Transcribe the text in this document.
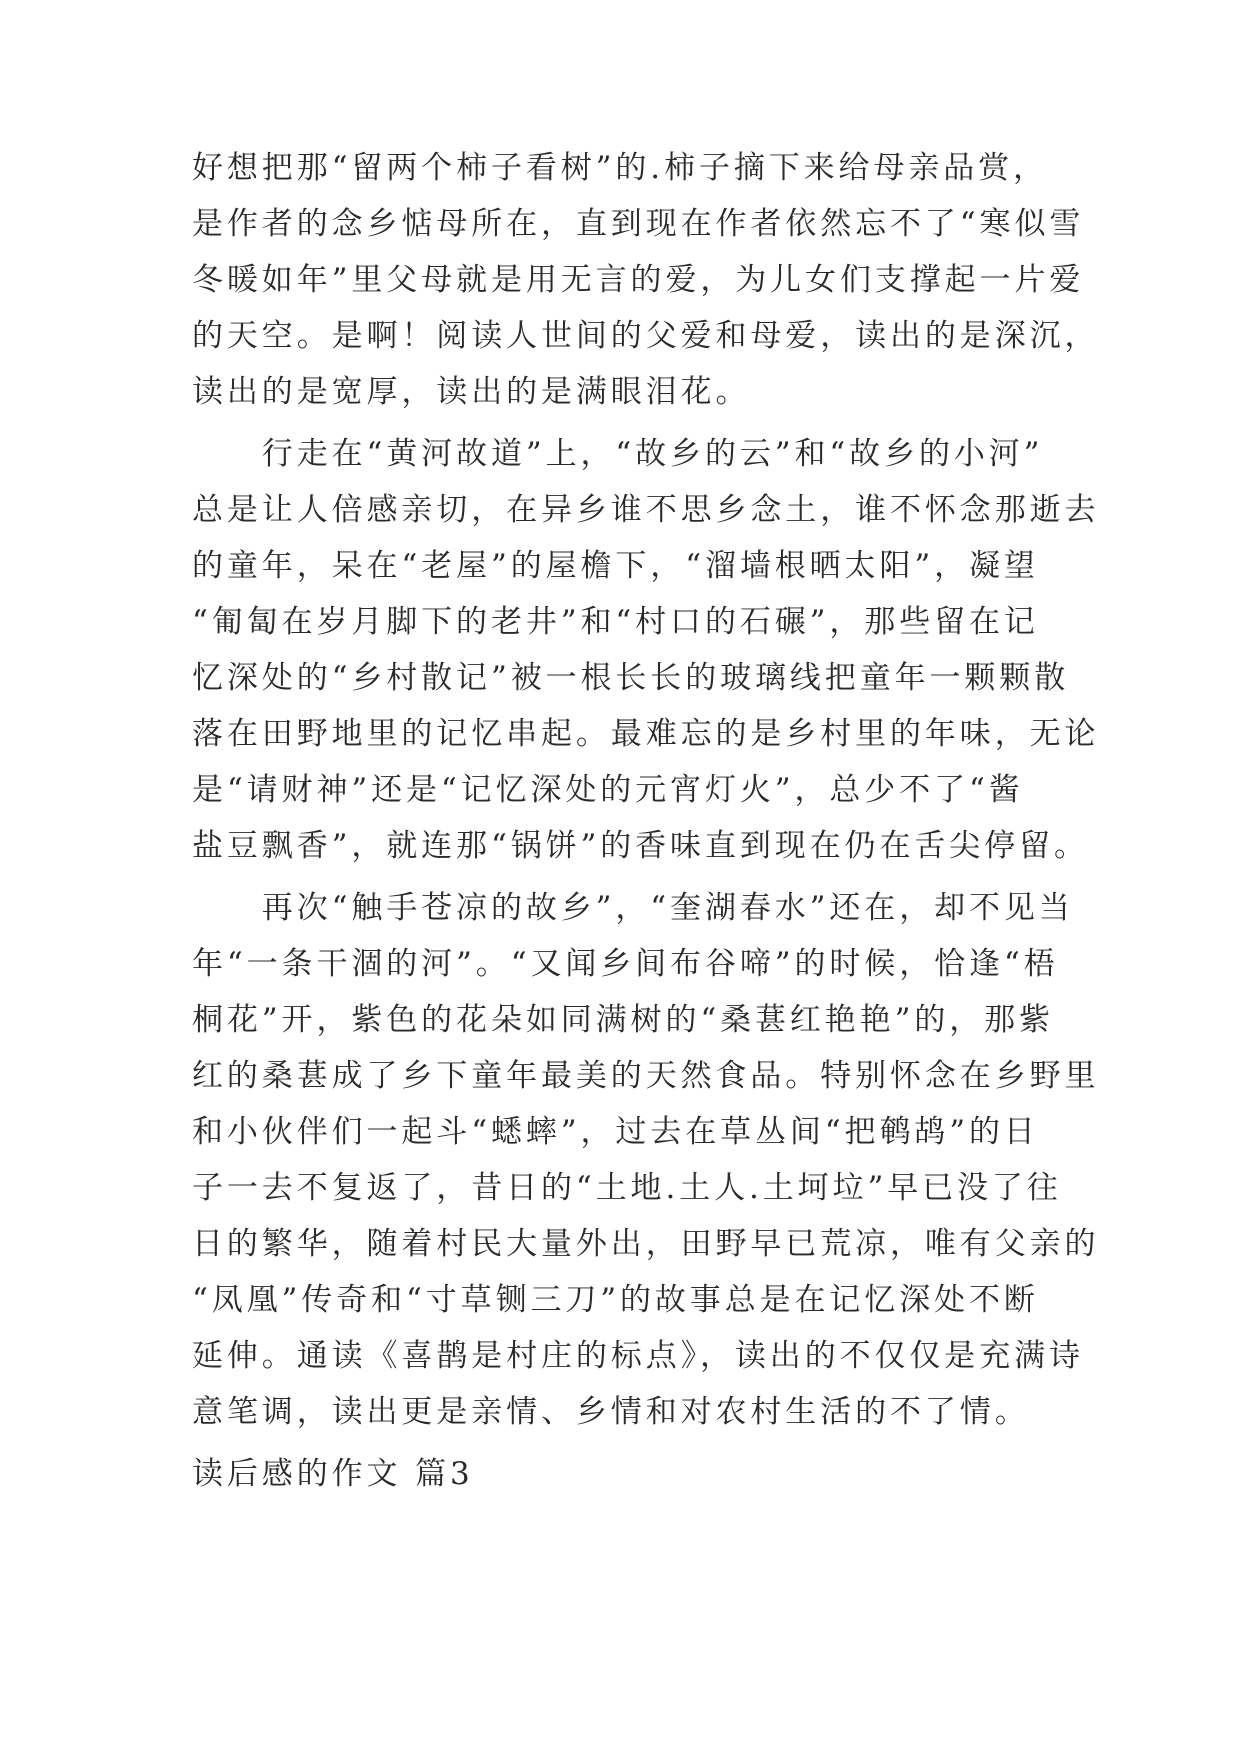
好想把那“留两个柿子看树”的.柿子摘下来给母亲品赏，
是作者的念乡惦母所在，直到现在作者依然忘不了“寒似雪
冬暖如年”里父母就是用无言的爱，为儿女们支撑起一片爱
的天空。是啊！阅读人世间的父爱和母爱，读出的是深沉，
读出的是宽厚，读出的是满眼泪花。
　　行走在“黄河故道”上，“故乡的云”和“故乡的小河”
总是让人倍感亲切，在异乡谁不思乡念土，谁不怀念那逝去
的童年，呆在“老屋”的屋檐下，“溜墙根晒太阳”，凝望
“匍匐在岁月脚下的老井”和“村口的石碾”，那些留在记
忆深处的“乡村散记”被一根长长的玻璃线把童年一颗颗散
落在田野地里的记忆串起。最难忘的是乡村里的年味，无论
是“请财神”还是“记忆深处的元宵灯火”，总少不了“酱
盐豆飘香”，就连那“锅饼”的香味直到现在仍在舌尖停留。
　　再次“触手苍凉的故乡”，“奎湖春水”还在，却不见当
年“一条干涸的河”。“又闻乡间布谷啼”的时候，恰逢“梧
桐花”开，紫色的花朵如同满树的“桑葚红艳艳”的，那紫
红的桑葚成了乡下童年最美的天然食品。特别怀念在乡野里
和小伙伴们一起斗“蟋蟀”，过去在草丛间“把鹌鸪”的日
子一去不复返了，昔日的“土地.土人.土坷垃”早已没了往
日的繁华，随着村民大量外出，田野早已荒凉，唯有父亲的
“凤凰”传奇和“寸草铡三刀”的故事总是在记忆深处不断
延伸。通读《喜鹊是村庄的标点》，读出的不仅仅是充满诗
意笔调，读出更是亲情、乡情和对农村生活的不了情。
读后感的作文 篇3
